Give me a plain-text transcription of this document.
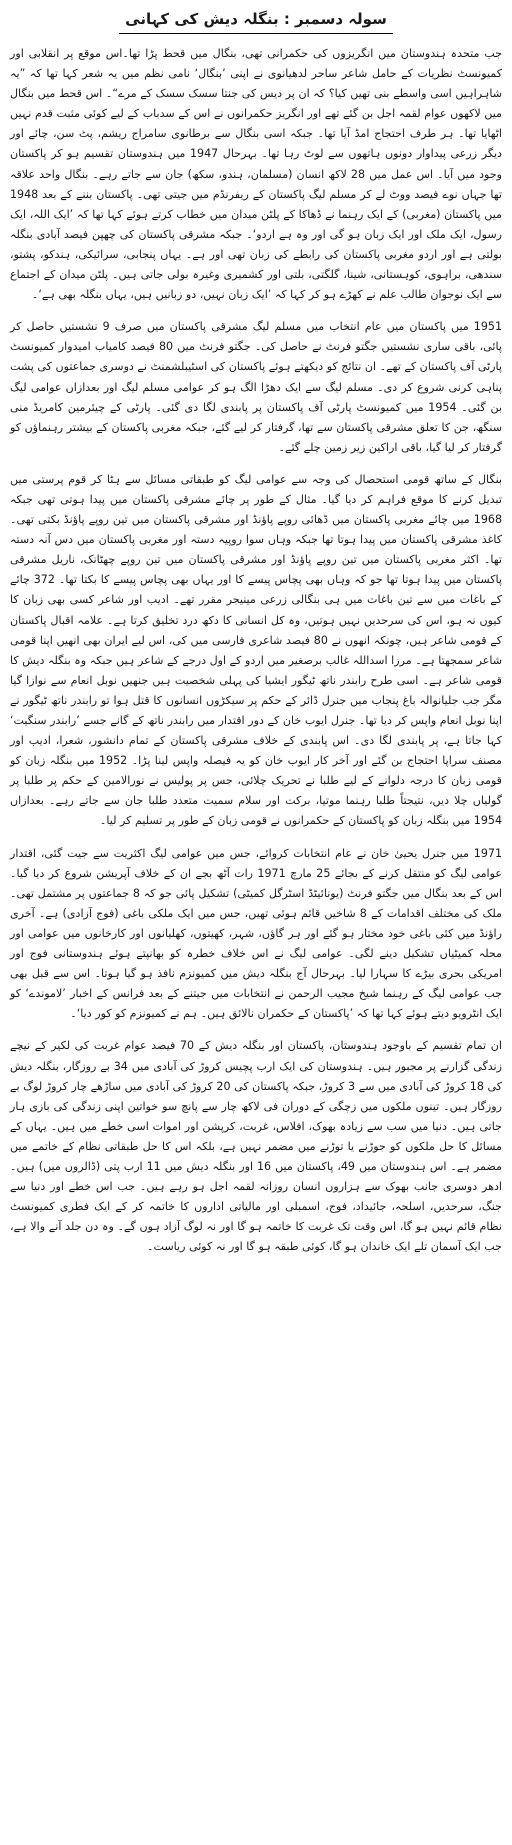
سولہ دسمبر : بنگلہ دیش کی کہانی

جب متحدہ ہندوستان میں انگریزوں کی حکمرانی تھی، بنگال میں قحط پڑا تھا۔اس موقع پر انقلابی اور کمیونسٹ نظریات کے حامل شاعر ساحر لدھیانوی نے اپنی ’بنگال‘ نامی نظم میں یہ شعر کہا تھا کہ ”یہ شاہراہیں اسی واسطے بنی تھیں کیا؟ کہ ان پر دیس کی جنتا سسک سسک کے مرے“۔ اس قحط میں بنگال میں لاکھوں عوام لقمہ اجل بن گئے تھے اور انگریز حکمرانوں نے اس کے سدباب کے لیے کوئی مثبت قدم نہیں اٹھایا تھا۔ ہر طرف احتجاج امڈ آیا تھا۔ جبکہ اسی بنگال سے برطانوی سامراج ریشم، پٹ سن، چائے اور دیگر زرعی پیداوار دونوں ہاتھوں سے لوٹ رہا تھا۔ بہرحال 1947 میں ہندوستان تقسیم ہو کر پاکستان وجود میں آیا۔ اس عمل میں 28 لاکھ انسان (مسلمان، ہندو، سکھ) جان سے جاتے رہے۔ بنگال واحد علاقہ تھا جہاں نوے فیصد ووٹ لے کر مسلم لیگ پاکستان کے ریفرنڈم میں جیتی تھی۔ پاکستان بننے کے بعد 1948 میں پاکستان (مغربی) کے ایک رہنما نے ڈھاکا کے پلٹن میدان میں خطاب کرتے ہوئے کہا تھا کہ ’ایک اللہ، ایک رسول، ایک ملک اور ایک زبان ہو گی اور وہ ہے اردو‘۔ جبکہ مشرقی پاکستان کی چھپن فیصد آبادی بنگلہ بولتی ہے اور اردو مغربی پاکستان کی رابطے کی زبان تھی اور ہے۔ یہاں پنجابی، سرائیکی، ہندکو، پشتو، سندھی، براہوی، کوہستانی، شینا، گلگتی، بلتی اور کشمیری وغیرہ بولی جاتی ہیں۔ پلٹن میدان کے اجتماع سے ایک نوجوان طالب علم نے کھڑے ہو کر کہا کہ ’ایک زبان نہیں، دو زبانیں ہیں، یہاں بنگلہ بھی ہے‘۔

1951 میں پاکستان میں عام انتخاب میں مسلم لیگ مشرقی پاکستان میں صرف 9 نشستیں حاصل کر پائی، باقی ساری نشستیں جگتو فرنٹ نے حاصل کی۔ جگتو فرنٹ میں 80 فیصد کامیاب امیدوار کمیونسٹ پارٹی آف پاکستان کے تھے۔ ان نتائج کو دیکھتے ہوئے پاکستان کی اسٹیبلشمنٹ نے دوسری جماعتوں کی پشت پناہی کرنی شروع کر دی۔ مسلم لیگ سے ایک دھڑا الگ ہو کر عوامی مسلم لیگ اور بعدازاں عوامی لیگ بن گئی۔ 1954 میں کمیونسٹ پارٹی آف پاکستان پر پابندی لگا دی گئی۔ پارٹی کے چیئرمین کامریڈ منی سنگھ، جن کا تعلق مشرقی پاکستان سے تھا، گرفتار کر لیے گئے، جبکہ مغربی پاکستان کے بیشتر رہنماؤں کو گرفتار کر لیا گیا، باقی اراکین زیر زمین چلے گئے۔

بنگال کے ساتھ قومی استحصال کی وجہ سے عوامی لیگ کو طبقاتی مسائل سے ہٹا کر قوم پرستی میں تبدیل کرنے کا موقع فراہم کر دیا گیا۔ مثال کے طور پر چائے مشرقی پاکستان میں پیدا ہوتی تھی جبکہ 1968 میں چائے مغربی پاکستان میں ڈھائی روپے پاؤنڈ اور مشرقی پاکستان میں تین روپے پاؤنڈ بکتی تھی۔ کاغذ مشرقی پاکستان میں پیدا ہوتا تھا جبکہ وہاں سوا روپیہ دستہ اور مغربی پاکستان میں دس آنہ دستہ تھا۔ اکثر مغربی پاکستان میں تین روپے پاؤنڈ اور مشرقی پاکستان میں تین روپے چھٹانک، ناریل مشرقی پاکستان میں پیدا ہوتا تھا جو کہ وہاں بھی پچاس پیسے کا اور یہاں بھی پچاس پیسے کا بکتا تھا۔ 372 چائے کے باغات میں سے تین باغات میں ہی بنگالی زرعی مینیجر مقرر تھے۔ ادیب اور شاعر کسی بھی زبان کا کیوں نہ ہو، اس کی سرحدیں نہیں ہوتیں، وہ کل انسانی کا دکھ درد تخلیق کرتا ہے۔ علامہ اقبال پاکستان کے قومی شاعر ہیں، چونکہ انھوں نے 80 فیصد شاعری فارسی میں کی، اس لیے ایران بھی انھیں اپنا قومی شاعر سمجھتا ہے۔ مرزا اسداللہ غالب برصغیر میں اردو کے اول درجے کے شاعر ہیں جبکہ وہ بنگلہ دیش کا قومی شاعر ہے۔ اسی طرح رابندر ناتھ ٹیگور ایشیا کی پہلی شخصیت ہیں جنھیں نوبل انعام سے نوازا گیا مگر جب جلیانوالہ باغ پنجاب میں جنرل ڈائر کے حکم پر سیکڑوں انسانوں کا قتل ہوا تو رابندر ناتھ ٹیگور نے اپنا نوبل انعام واپس کر دیا تھا۔ جنرل ایوب خان کے دور اقتدار میں رابندر ناتھ کے گانے جسے ’رابندر سنگیت‘ کہا جاتا ہے، پر پابندی لگا دی۔ اس پابندی کے خلاف مشرقی پاکستان کے تمام دانشور، شعرا، ادیب اور مصنف سراپا احتجاج بن گئے اور آخر کار ایوب خان کو یہ فیصلہ واپس لینا پڑا۔ 1952 میں بنگلہ زبان کو قومی زبان کا درجہ دلوانے کے لیے طلبا نے تحریک چلائی، جس پر پولیس نے نورالامین کے حکم پر طلبا پر گولیاں چلا دیں، نتیجتاً طلبا رہنما موتیا، برکت اور سلام سمیت متعدد طلبا جان سے جاتے رہے۔ بعدازاں 1954 میں بنگلہ زبان کو پاکستان کے حکمرانوں نے قومی زبان کے طور پر تسلیم کر لیا۔

1971 میں جنرل یحییٰ خان نے عام انتخابات کروائے، جس میں عوامی لیگ اکثریت سے جیت گئی، اقتدار عوامی لیگ کو منتقل کرنے کے بجائے 25 مارچ 1971 رات آٹھ بجے ان کے خلاف آپریشن شروع کر دیا گیا۔ اس کے بعد بنگال میں جگتو فرنٹ (یونائیٹڈ اسٹرگل کمیٹی) تشکیل پائی جو کہ 8 جماعتوں پر مشتمل تھی۔ ملک کی مختلف اقدامات کے 8 شاخیں قائم ہوئی تھیں، جس میں ایک ملکی باغی (فوج آزادی) ہے۔ آخری راؤنڈ میں کئی باغی خود مختار ہو گئے اور ہر گاؤں، شہر، کھیتوں، کھلیانوں اور کارخانوں میں عوامی اور محلہ کمیٹیاں تشکیل دینے لگی۔ عوامی لیگ نے اس خلاف خطرہ کو بھانپتے ہوئے ہندوستانی فوج اور امریکی بحری بیڑے کا سہارا لیا۔ بہرحال آج بنگلہ دیش میں کمیونزم نافذ ہو گیا ہوتا۔ اس سے قبل بھی جب عوامی لیگ کے رہنما شیخ مجیب الرحمن نے انتخابات میں جیتنے کے بعد فرانس کے اخبار ’لاموندے‘ کو ایک انٹرویو دیتے ہوئے کہا تھا کہ ’پاکستان کے حکمران نالائق ہیں۔ ہم نے کمیونزم کو کور دیا‘۔

ان تمام تقسیم کے باوجود ہندوستان، پاکستان اور بنگلہ دیش کے 70 فیصد عوام غربت کی لکیر کے نیچے زندگی گزارنے پر مجبور ہیں۔ ہندوستان کی ایک ارب پچیس کروڑ کی آبادی میں 34 بے روزگار، بنگلہ دیش کی 18 کروڑ کی آبادی میں سے 3 کروڑ، جبکہ پاکستان کی 20 کروڑ کی آبادی میں ساڑھے چار کروڑ لوگ بے روزگار ہیں۔ تینوں ملکوں میں زچگی کے دوران فی لاکھ چار سے پانچ سو خواتین اپنی زندگی کی بازی ہار جاتی ہیں۔ دنیا میں سب سے زیادہ بھوک، افلاس، غربت، کرپشن اور اموات اسی خطے میں ہیں۔ یہاں کے مسائل کا حل ملکوں کو جوڑنے یا توڑنے میں مضمر نہیں ہے، بلکہ اس کا حل طبقاتی نظام کے خاتمے میں مضمر ہے۔ اس ہندوستان میں 49، پاکستان میں 16 اور بنگلہ دیش میں 11 ارب پتی (ڈالروں میں) ہیں۔ ادھر دوسری جانب بھوک سے ہزاروں انسان روزانہ لقمہ اجل ہو رہے ہیں۔ جب اس خطے اور دنیا سے جنگ، سرحدیں، اسلحہ، جائیداد، فوج، اسمبلی اور مالیاتی اداروں کا خاتمہ کر کے ایک فطری کمیونسٹ نظام قائم نہیں ہو گا، اس وقت تک غربت کا خاتمہ ہو گا اور نہ لوگ آزاد ہوں گے۔ وہ دن جلد آنے والا ہے، جب ایک آسمان تلے ایک خاندان ہو گا، کوئی طبقہ ہو گا اور نہ کوئی ریاست۔
